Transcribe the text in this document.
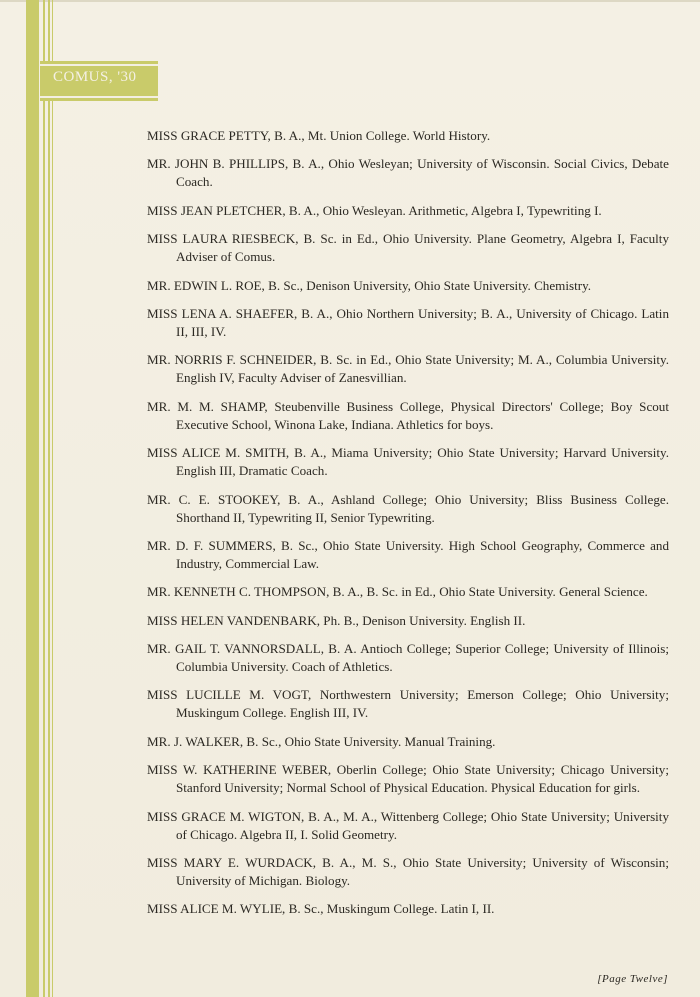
COMUS, '30

MISS GRACE PETTY, B. A., Mt. Union College. World History.

MR. JOHN B. PHILLIPS, B. A., Ohio Wesleyan; University of Wisconsin. Social Civics, Debate Coach.

MISS JEAN PLETCHER, B. A., Ohio Wesleyan. Arithmetic, Algebra I, Typewriting I.

MISS LAURA RIESBECK, B. Sc. in Ed., Ohio University. Plane Geometry, Algebra I, Faculty Adviser of Comus.

MR. EDWIN L. ROE, B. Sc., Denison University, Ohio State University. Chemistry.

MISS LENA A. SHAEFER, B. A., Ohio Northern University; B. A., University of Chicago. Latin II, III, IV.

MR. NORRIS F. SCHNEIDER, B. Sc. in Ed., Ohio State University; M. A., Columbia University. English IV, Faculty Adviser of Zanesvillian.

MR. M. M. SHAMP, Steubenville Business College, Physical Directors' College; Boy Scout Executive School, Winona Lake, Indiana. Athletics for boys.

MISS ALICE M. SMITH, B. A., Miama University; Ohio State University; Harvard University. English III, Dramatic Coach.

MR. C. E. STOOKEY, B. A., Ashland College; Ohio University; Bliss Business College. Shorthand II, Typewriting II, Senior Typewriting.

MR. D. F. SUMMERS, B. Sc., Ohio State University. High School Geography, Commerce and Industry, Commercial Law.

MR. KENNETH C. THOMPSON, B. A., B. Sc. in Ed., Ohio State University. General Science.

MISS HELEN VANDENBARK, Ph. B., Denison University. English II.

MR. GAIL T. VANNORSDALL, B. A. Antioch College; Superior College; University of Illinois; Columbia University. Coach of Athletics.

MISS LUCILLE M. VOGT, Northwestern University; Emerson College; Ohio University; Muskingum College. English III, IV.

MR. J. WALKER, B. Sc., Ohio State University. Manual Training.

MISS W. KATHERINE WEBER, Oberlin College; Ohio State University; Chicago University; Stanford University; Normal School of Physical Education. Physical Education for girls.

MISS GRACE M. WIGTON, B. A., M. A., Wittenberg College; Ohio State University; University of Chicago. Algebra II, I. Solid Geometry.

MISS MARY E. WURDACK, B. A., M. S., Ohio State University; University of Wisconsin; University of Michigan. Biology.

MISS ALICE M. WYLIE, B. Sc., Muskingum College. Latin I, II.

[Page Twelve]
